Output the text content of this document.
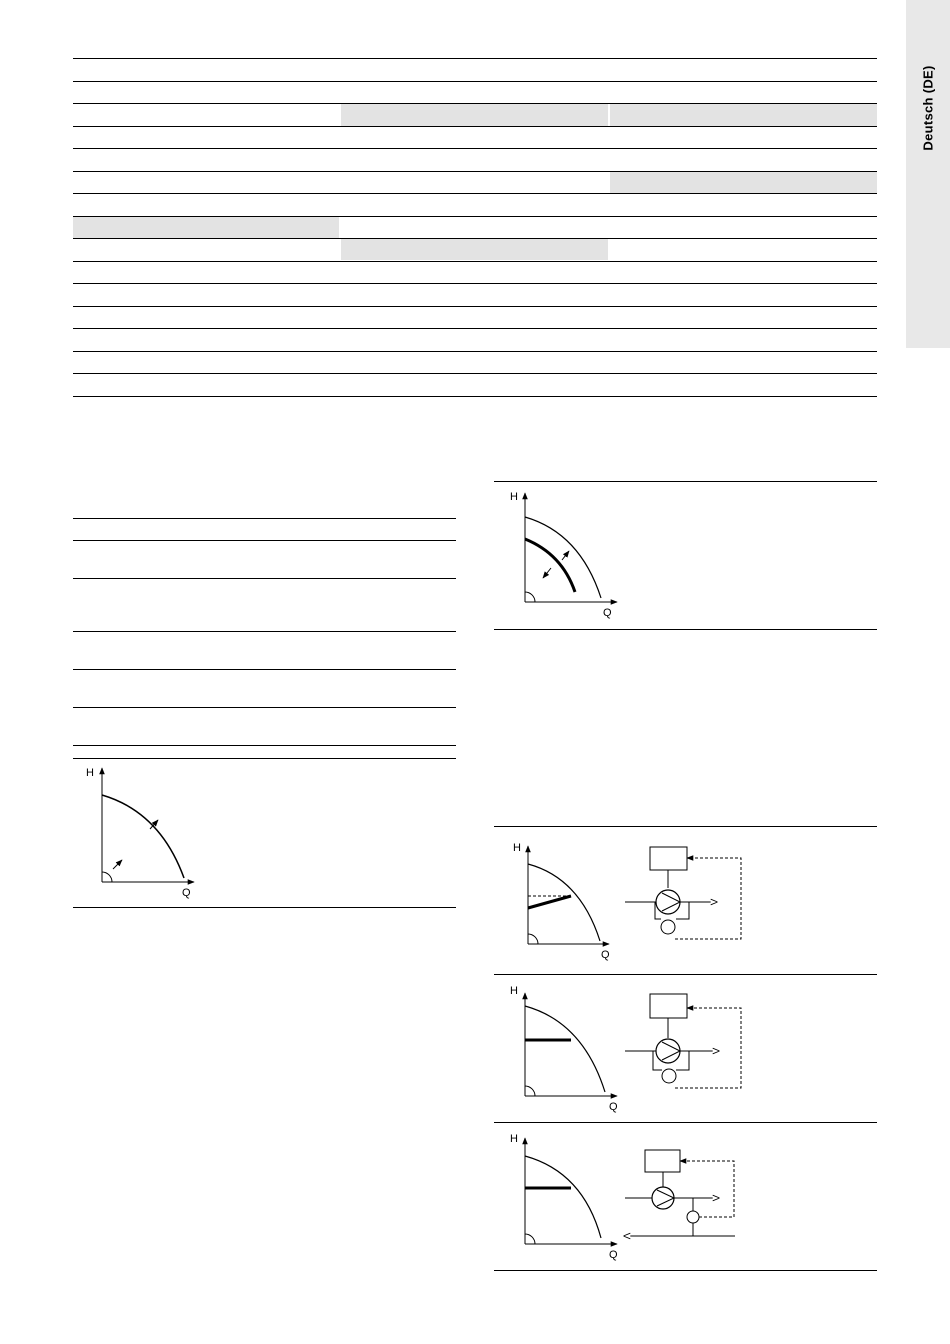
Deutsch (DE)
H
Q
H
Q
H
Q
H
Q
H
Q
